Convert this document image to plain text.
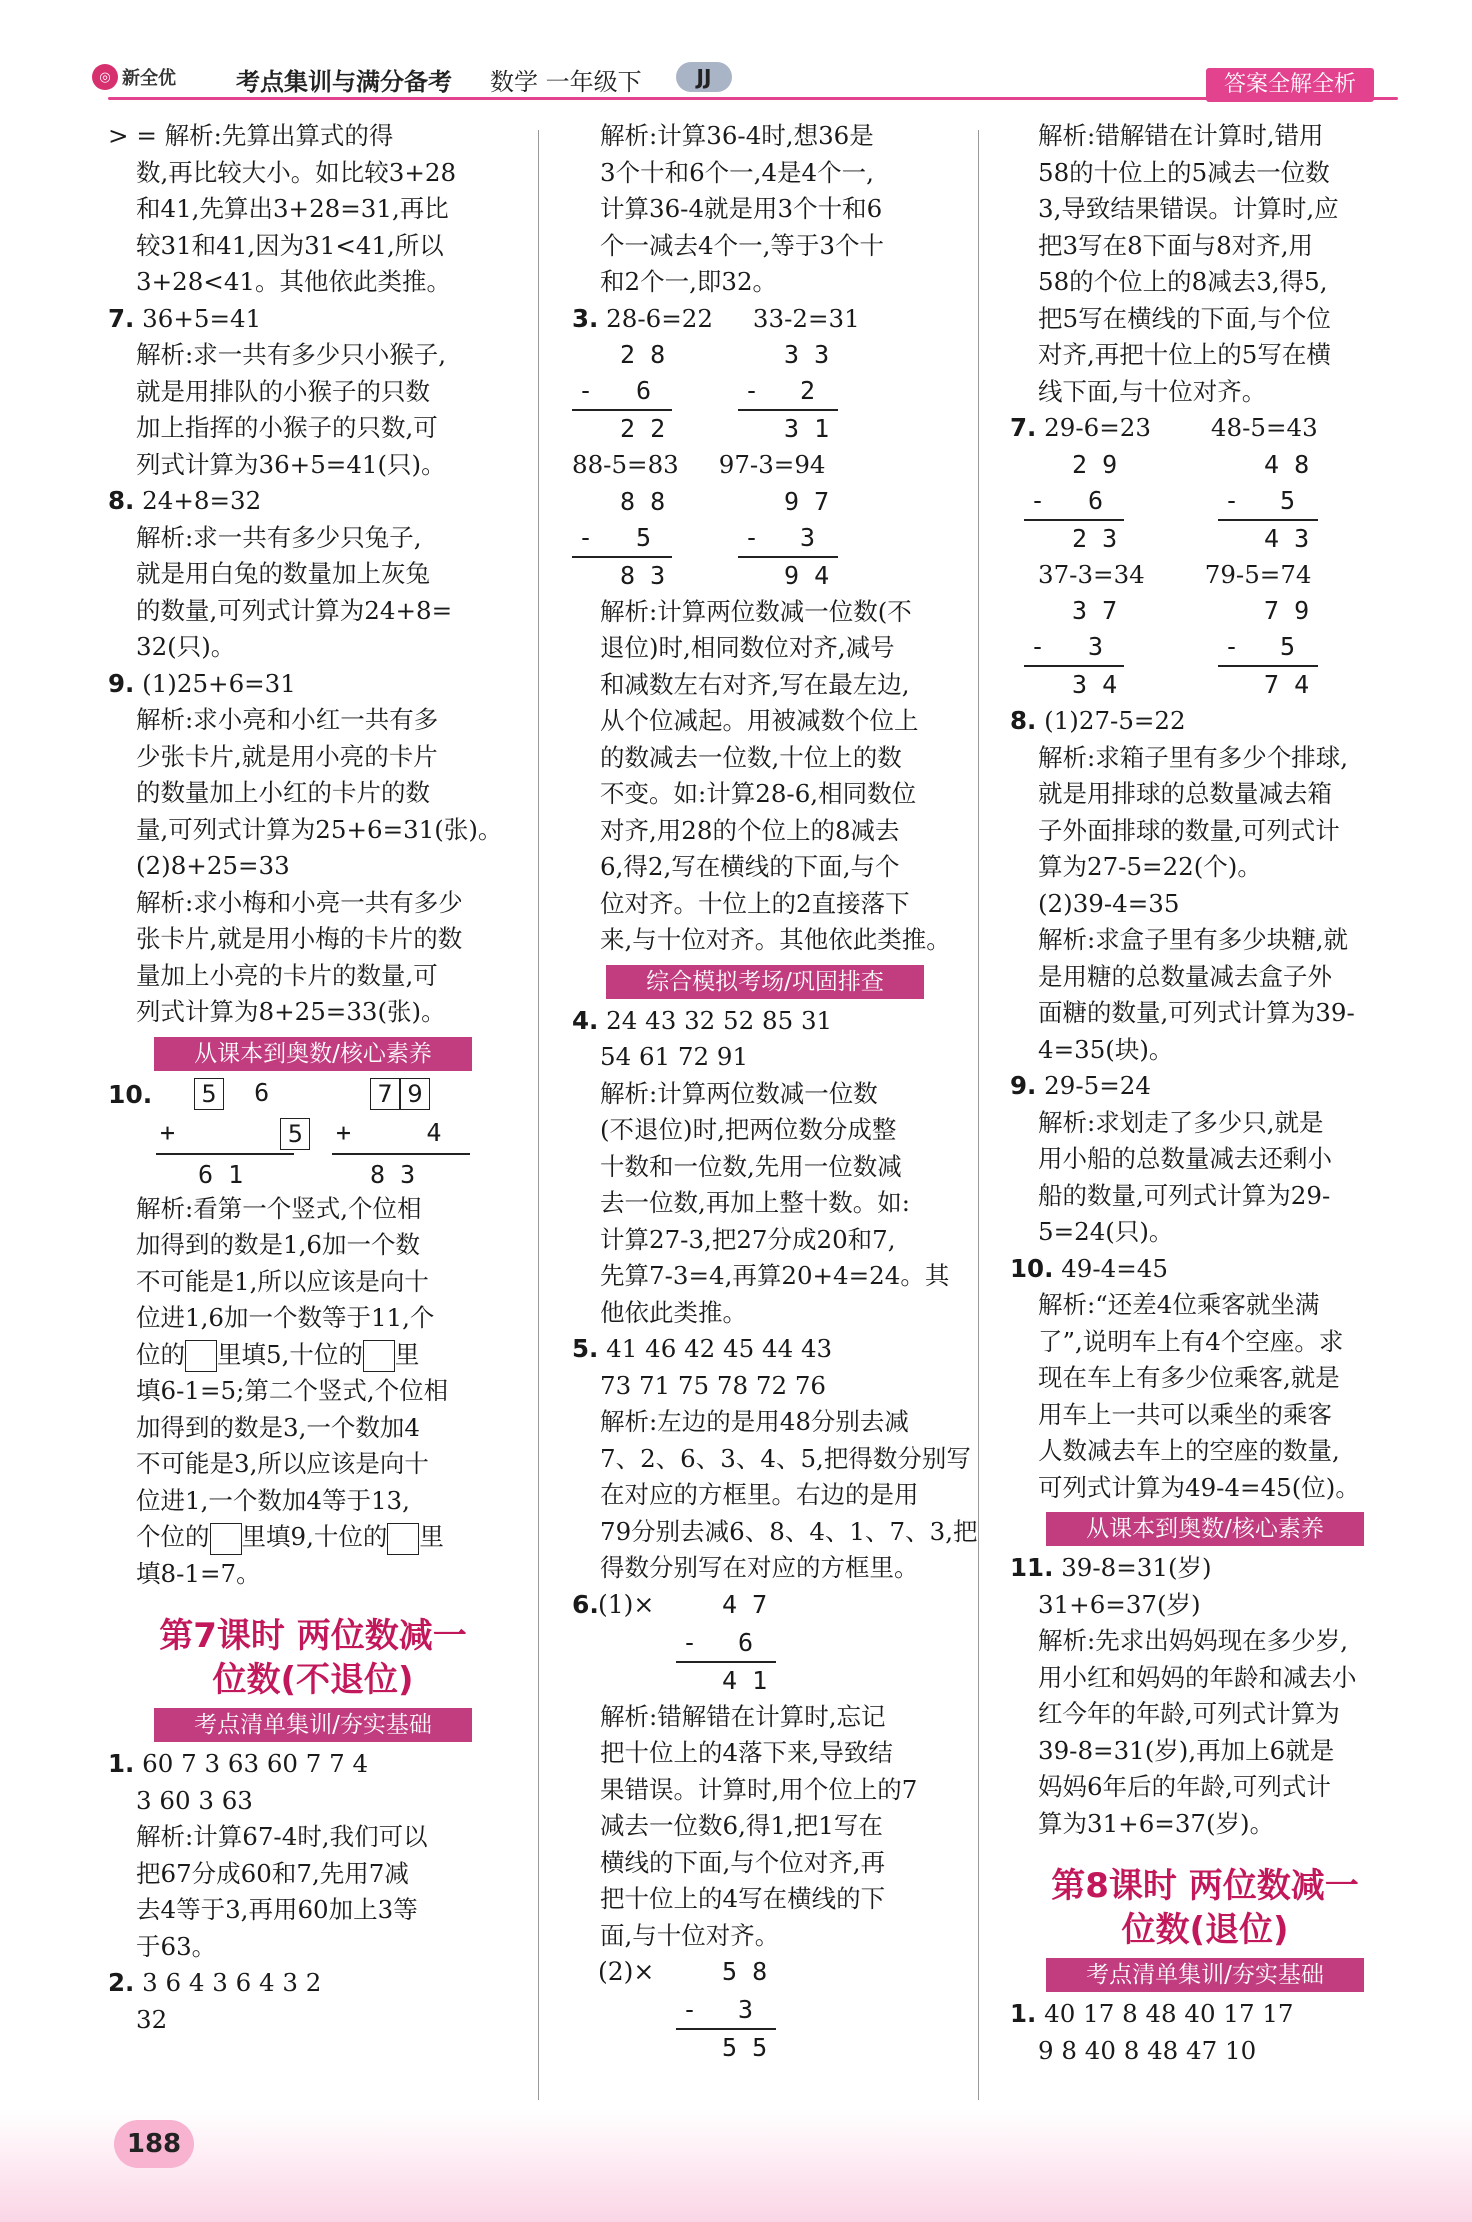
◎ 新全优	考点集训与满分备考 数学 一年级下	JJ	答案全解全析
> = 解析:先算出算式的得
数,再比较大小。如比较3+28
和41,先算出3+28=31,再比
较31和41,因为31<41,所以
3+28<41。其他依此类推。
7. 36+5=41
解析:求一共有多少只小猴子,
就是用排队的小猴子的只数
加上指挥的小猴子的只数,可
列式计算为36+5=41(只)。
8. 24+8=32
解析:求一共有多少只兔子,
就是用白兔的数量加上灰兔
的数量,可列式计算为24+8=
32(只)。
9. (1)25+6=31
解析:求小亮和小红一共有多
少张卡片,就是用小亮的卡片
的数量加上小红的卡片的数
量,可列式计算为25+6=31(张)。
(2)8+25=33
解析:求小梅和小亮一共有多少
张卡片,就是用小梅的卡片的数
量加上小亮的卡片的数量,可
列式计算为8+25=33(张)。
从课本到奥数/核心素养
10.	5 6
+	5
6 1
7 9
+	4
8 3
解析:看第一个竖式,个位相
加得到的数是1,6加一个数
不可能是1,所以应该是向十
位进1,6加一个数等于11,个
位的 里填5,十位的 里
填6-1=5;第二个竖式,个位相
加得到的数是3,一个数加4
不可能是3,所以应该是向十
位进1,一个数加4等于13,
个位的 里填9,十位的 里
填8-1=7。
第7课时 两位数减一
位数(不退位)
考点清单集训/夯实基础
1. 60 7 3 63 60 7 7 4
3 60 3 63
解析:计算67-4时,我们可以
把67分成60和7,先用7减
去4等于3,再用60加上3等
于63。
2. 3 6 4 3 6 4 3 2
32
解析:计算36-4时,想36是
3个十和6个一,4是4个一,
计算36-4就是用3个十和6
个一减去4个一,等于3个十
和2个一,即32。
3. 28-6=22 33-2=31
2 8
- 6
2 2
3 3
- 2
3 1
88-5=83 97-3=94
8 8
- 5
8 3
9 7
- 3
9 4
解析:计算两位数减一位数(不
退位)时,相同数位对齐,减号
和减数左右对齐,写在最左边,
从个位减起。用被减数个位上
的数减去一位数,十位上的数
不变。如:计算28-6,相同数位
对齐,用28的个位上的8减去
6,得2,写在横线的下面,与个
位对齐。十位上的2直接落下
来,与十位对齐。其他依此类推。
综合模拟考场/巩固排查
4. 24 43 32 52 85 31
54 61 72 91
解析:计算两位数减一位数
(不退位)时,把两位数分成整
十数和一位数,先用一位数减
去一位数,再加上整十数。如:
计算27-3,把27分成20和7,
先算7-3=4,再算20+4=24。其
他依此类推。
5. 41 46 42 45 44 43
73 71 75 78 72 76
解析:左边的是用48分别去减
7、2、6、3、4、5,把得数分别写
在对应的方框里。右边的是用
79分别去减6、8、4、1、7、3,把
得数分别写在对应的方框里。
6. (1)×	4 7
- 6
4 1
解析:错解错在计算时,忘记
把十位上的4落下来,导致结
果错误。计算时,用个位上的7
减去一位数6,得1,把1写在
横线的下面,与个位对齐,再
把十位上的4写在横线的下
面,与十位对齐。
(2)×	5 8
- 3
5 5
解析:错解错在计算时,错用
58的十位上的5减去一位数
3,导致结果错误。计算时,应
把3写在8下面与8对齐,用
58的个位上的8减去3,得5,
把5写在横线的下面,与个位
对齐,再把十位上的5写在横
线下面,与十位对齐。
7. 29-6=23 48-5=43
2 9
- 6
2 3
4 8
- 5
4 3
37-3=34 79-5=74
3 7
- 3
3 4
7 9
- 5
7 4
8. (1)27-5=22
解析:求箱子里有多少个排球,
就是用排球的总数量减去箱
子外面排球的数量,可列式计
算为27-5=22(个)。
(2)39-4=35
解析:求盒子里有多少块糖,就
是用糖的总数量减去盒子外
面糖的数量,可列式计算为39-
4=35(块)。
9. 29-5=24
解析:求划走了多少只,就是
用小船的总数量减去还剩小
船的数量,可列式计算为29-
5=24(只)。
10. 49-4=45
解析:“还差4位乘客就坐满
了”,说明车上有4个空座。求
现在车上有多少位乘客,就是
用车上一共可以乘坐的乘客
人数减去车上的空座的数量,
可列式计算为49-4=45(位)。
从课本到奥数/核心素养
11. 39-8=31(岁)
31+6=37(岁)
解析:先求出妈妈现在多少岁,
用小红和妈妈的年龄和减去小
红今年的年龄,可列式计算为
39-8=31(岁),再加上6就是
妈妈6年后的年龄,可列式计
算为31+6=37(岁)。
第8课时 两位数减一
位数(退位)
考点清单集训/夯实基础
1. 40 17 8 48 40 17 17
9 8 40 8 48 47 10
188
